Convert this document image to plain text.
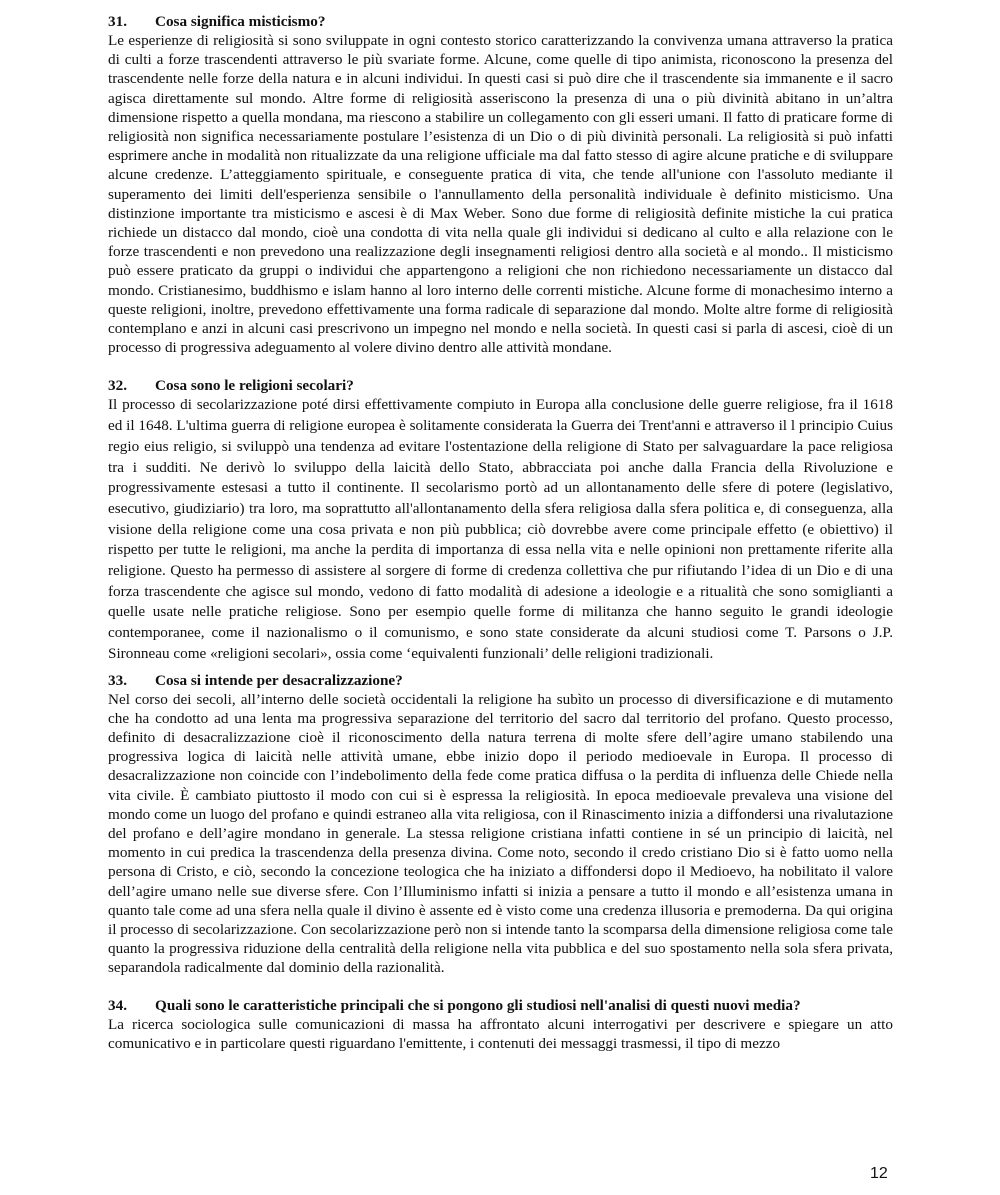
31. Cosa significa misticismo?

Le esperienze di religiosità si sono sviluppate in ogni contesto storico caratterizzando la convivenza umana attraverso la pratica di culti a forze trascendenti attraverso le più svariate forme. Alcune, come quelle di tipo animista, riconoscono la presenza del trascendente nelle forze della natura e in alcuni individui. In questi casi si può dire che il trascendente sia immanente e il sacro agisca direttamente sul mondo. Altre forme di religiosità asseriscono la presenza di una o più divinità abitano in un’altra dimensione rispetto a quella mondana, ma riescono a stabilire un collegamento con gli esseri umani. Il fatto di praticare forme di religiosità non significa necessariamente postulare l’esistenza di un Dio o di più divinità personali. La religiosità si può infatti esprimere anche in modalità non ritualizzate da una religione ufficiale ma dal fatto stesso di agire alcune pratiche e di sviluppare alcune credenze. L’atteggiamento spirituale, e conseguente pratica di vita, che tende all'unione con l'assoluto mediante il superamento dei limiti dell'esperienza sensibile o l'annullamento della personalità individuale è definito misticismo. Una distinzione importante tra misticismo e ascesi è di Max Weber. Sono due forme di religiosità definite mistiche la cui pratica richiede un distacco dal mondo, cioè una condotta di vita nella quale gli individui si dedicano al culto e alla relazione con le forze trascendenti e non prevedono una realizzazione degli insegnamenti religiosi dentro alla società e al mondo.. Il misticismo può essere praticato da gruppi o individui che appartengono a religioni che non richiedono necessariamente un distacco dal mondo. Cristianesimo, buddhismo e islam hanno al loro interno delle correnti mistiche. Alcune forme di monachesimo interno a queste religioni, inoltre, prevedono effettivamente una forma radicale di separazione dal mondo. Molte altre forme di religiosità contemplano e anzi in alcuni casi prescrivono un impegno nel mondo e nella società. In questi casi si parla di ascesi, cioè di un processo di progressiva adeguamento al volere divino dentro alle attività mondane.

32. Cosa sono le religioni secolari?

Il processo di secolarizzazione poté dirsi effettivamente compiuto in Europa alla conclusione delle guerre religiose, fra il 1618 ed il 1648. L'ultima guerra di religione europea è solitamente considerata la Guerra dei Trent'anni e attraverso il l principio Cuius regio eius religio, si sviluppò una tendenza ad evitare l'ostentazione della religione di Stato per salvaguardare la pace religiosa tra i sudditi. Ne derivò lo sviluppo della laicità dello Stato, abbracciata poi anche dalla Francia della Rivoluzione e progressivamente estesasi a tutto il continente. Il secolarismo portò ad un allontanamento delle sfere di potere (legislativo, esecutivo, giudiziario) tra loro, ma soprattutto all'allontanamento della sfera religiosa dalla sfera politica e, di conseguenza, alla visione della religione come una cosa privata e non più pubblica; ciò dovrebbe avere come principale effetto (e obiettivo) il rispetto per tutte le religioni, ma anche la perdita di importanza di essa nella vita e nelle opinioni non prettamente riferite alla religione. Questo ha permesso di assistere al sorgere di forme di credenza collettiva che pur rifiutando l’idea di un Dio e di una forza trascendente che agisce sul mondo, vedono di fatto modalità di adesione a ideologie e a ritualità che sono somiglianti a quelle usate nelle pratiche religiose. Sono per esempio quelle forme di militanza che hanno seguito le grandi ideologie contemporanee, come il nazionalismo o il comunismo, e sono state considerate da alcuni studiosi come T. Parsons o J.P. Sironneau come «religioni secolari», ossia come ‘equivalenti funzionali’ delle religioni tradizionali.

33. Cosa si intende per desacralizzazione?

Nel corso dei secoli, all’interno delle società occidentali la religione ha subìto un processo di diversificazione e di mutamento che ha condotto ad una lenta ma progressiva separazione del territorio del sacro dal territorio del profano. Questo processo, definito di desacralizzazione cioè il riconoscimento della natura terrena di molte sfere dell’agire umano stabilendo una progressiva logica di laicità nelle attività umane, ebbe inizio dopo il periodo medioevale in Europa. Il processo di desacralizzazione non coincide con l’indebolimento della fede come pratica diffusa o la perdita di influenza delle Chiede nella vita civile. È cambiato piuttosto il modo con cui si è espressa la religiosità. In epoca medioevale prevaleva una visione del mondo come un luogo del profano e quindi estraneo alla vita religiosa, con il Rinascimento inizia a diffondersi una rivalutazione del profano e dell’agire mondano in generale. La stessa religione cristiana infatti contiene in sé un principio di laicità, nel momento in cui predica la trascendenza della presenza divina. Come noto, secondo il credo cristiano Dio si è fatto uomo nella persona di Cristo, e ciò, secondo la concezione teologica che ha iniziato a diffondersi dopo il Medioevo, ha nobilitato il valore dell’agire umano nelle sue diverse sfere. Con l’Illuminismo infatti si inizia a pensare a tutto il mondo e all’esistenza umana in quanto tale come ad una sfera nella quale il divino è assente ed è visto come una credenza illusoria e premoderna. Da qui origina il processo di secolarizzazione. Con secolarizzazione però non si intende tanto la scomparsa della dimensione religiosa come tale quanto la progressiva riduzione della centralità della religione nella vita pubblica e del suo spostamento nella sola sfera privata, separandola radicalmente dal dominio della razionalità.

34. Quali sono le caratteristiche principali che si pongono gli studiosi nell'analisi di questi nuovi media?

La ricerca sociologica sulle comunicazioni di massa ha affrontato alcuni interrogativi per descrivere e spiegare un atto comunicativo e in particolare questi riguardano l'emittente, i contenuti dei messaggi trasmessi, il tipo di mezzo

12
